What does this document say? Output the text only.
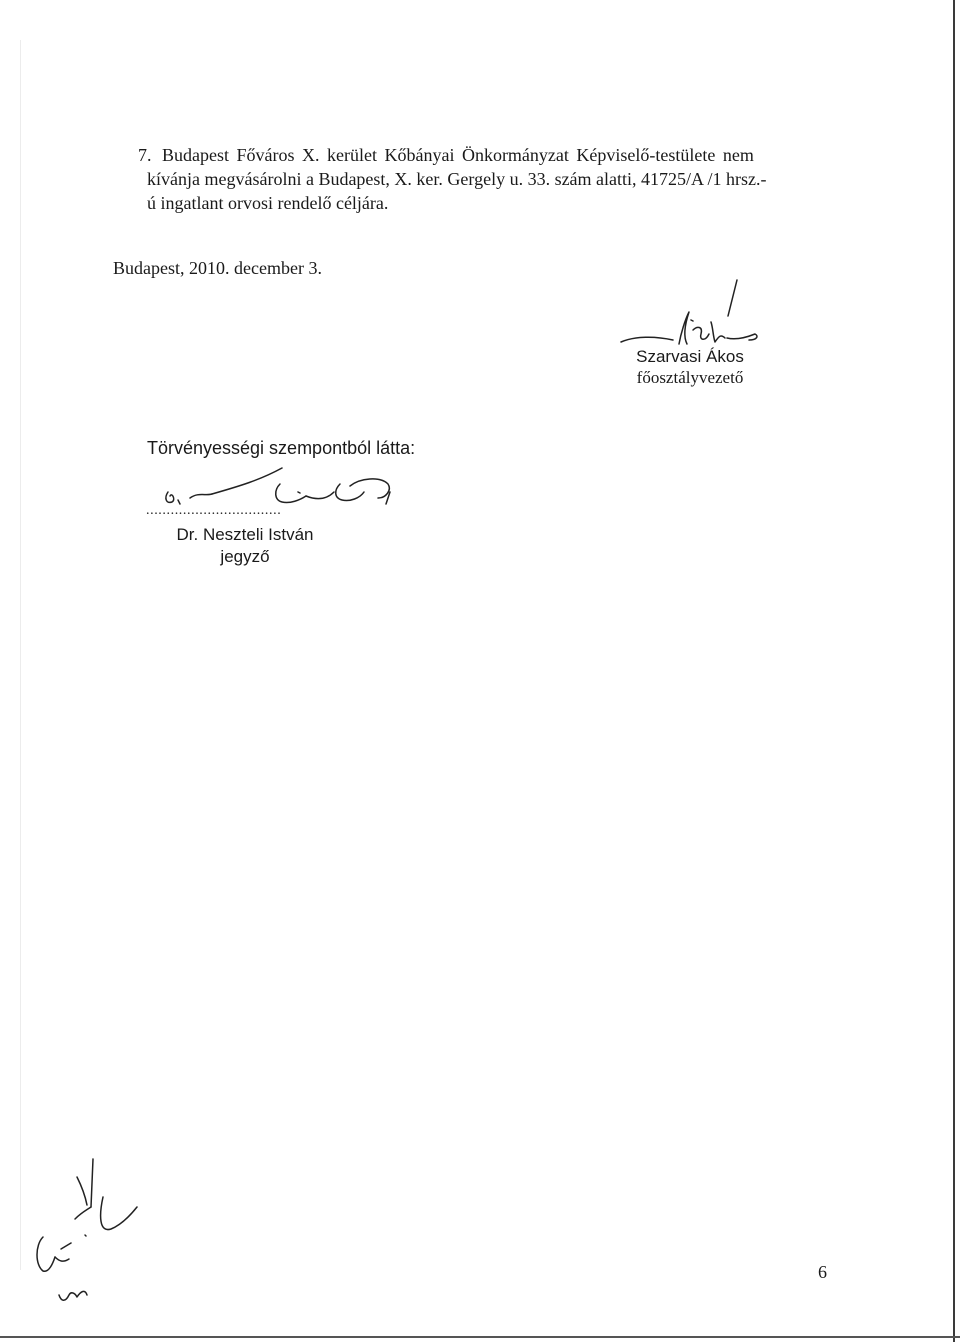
7. Budapest Főváros X. kerület Kőbányai Önkormányzat Képviselő-testülete nem
kívánja megvásárolni a Budapest, X. ker. Gergely u. 33. szám alatti, 41725/A /1 hrsz.-
ú ingatlant orvosi rendelő céljára.
Budapest, 2010. december 3.
Szarvasi Ákos
főosztályvezető
Törvényességi szempontból látta:
.................................
Dr. Neszteli István
jegyző
6
